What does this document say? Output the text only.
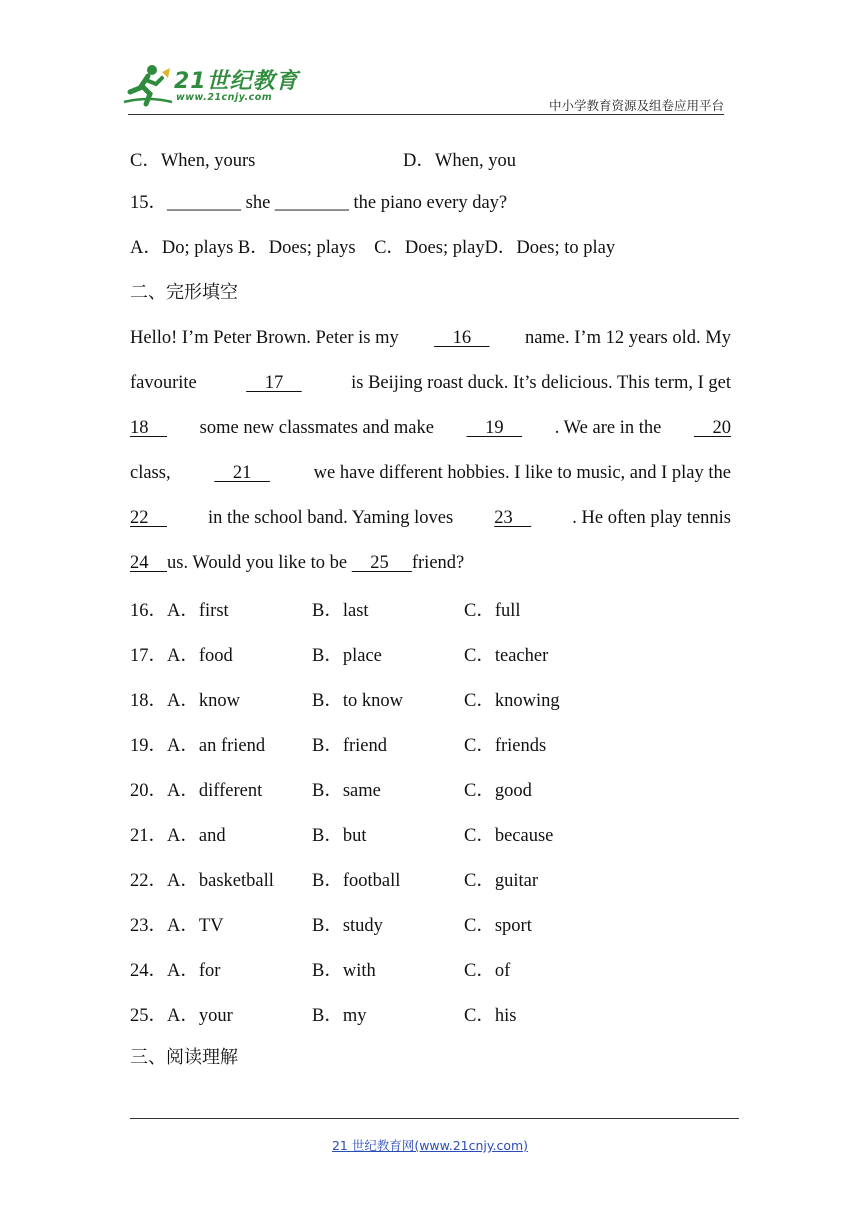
21世纪教育
www.21cnjy.com
中小学教育资源及组卷应用平台
C．When, yours	D．When, you
15．________ she ________ the piano every day?
A．Do; plays B．Does; plays　C．Does; playD．Does; to play
二、完形填空
Hello! I’m Peter Brown. Peter is my 　16　 name. I’m 12 years old. My
favourite	　17　	is Beijing roast duck. It’s delicious. This term, I get
18　 some new classmates and make 　19　 . We are in the 　20
class, 　21　 we have different hobbies. I like to music, and I play the
22　 in the school band. Yaming loves 23　 . He often play tennis
24　us. Would you like to be 　25　 friend?
16．A．first	B．last	C．full
17．A．food	B．place	C．teacher
18．A．know	B．to know	C．knowing
19．A．an friend	B．friend	C．friends
20．A．different	B．same	C．good
21．A．and	B．but	C．because
22．A．basketball B．football	C．guitar
23．A．TV	B．study	C．sport
24．A．for	B．with	C．of
25．A．your	B．my	C．his
三、阅读理解
21 世纪教育网(www.21cnjy.com)
